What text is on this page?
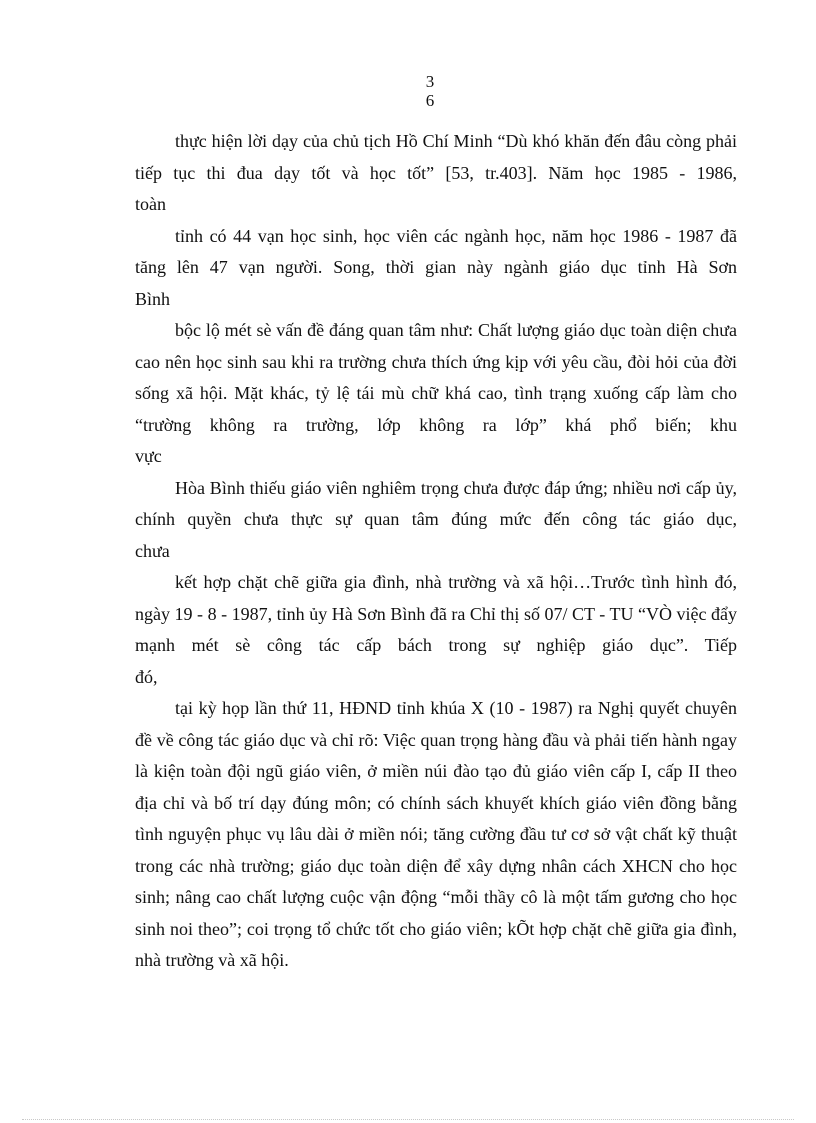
3
6

thực hiện lời dạy của chủ tịch Hồ Chí Minh “Dù khó khăn đến đâu còng phải tiếp tục thi đua dạy tốt và học tốt” [53, tr.403]. Năm học 1985 - 1986,

toàn

tỉnh có 44 vạn học sinh, học viên các ngành học, năm học 1986 - 1987 đã tăng lên 47 vạn người. Song, thời gian này ngành giáo dục tỉnh Hà Sơn

Bình

bộc lộ mét sè vấn đề đáng quan tâm như: Chất lượng giáo dục toàn diện chưa cao nên học sinh sau khi ra trường chưa thích ứng kịp với yêu cầu, đòi hỏi của đời sống xã hội. Mặt khác, tỷ lệ tái mù chữ khá cao, tình trạng xuống cấp làm cho “trường không ra trường, lớp không ra lớp” khá phổ biến; khu

vực

Hòa Bình thiếu giáo viên nghiêm trọng chưa được đáp ứng; nhiều nơi cấp ủy, chính quyền chưa thực sự quan tâm đúng mức đến công tác giáo dục,

chưa

kết hợp chặt chẽ giữa gia đình, nhà trường và xã hội…Trước tình hình đó, ngày 19 - 8 - 1987, tỉnh ủy Hà Sơn Bình đã ra Chỉ thị số 07/ CT - TU “VÒ việc đẩy mạnh mét sè công tác cấp bách trong sự nghiệp giáo dục”. Tiếp

đó,

tại kỳ họp lần thứ 11, HĐND tỉnh khúa X (10 - 1987) ra Nghị quyết chuyên đề về công tác giáo dục và chỉ rõ: Việc quan trọng hàng đầu và phải tiến hành ngay là kiện toàn đội ngũ giáo viên, ở miền núi đào tạo đủ giáo viên cấp I, cấp II theo địa chỉ và bố trí dạy đúng môn; có chính sách khuyết khích giáo viên đồng bằng tình nguyện phục vụ lâu dài ở miền nói; tăng cường đầu tư cơ sở vật chất kỹ thuật trong các nhà trường; giáo dục toàn diện để xây dựng nhân cách XHCN cho học sinh; nâng cao chất lượng cuộc vận động “mỗi thầy cô là một tấm gương cho học sinh noi theo”; coi trọng tổ chức tốt cho giáo viên; kÕt hợp chặt chẽ giữa gia đình, nhà trường và xã hội.
